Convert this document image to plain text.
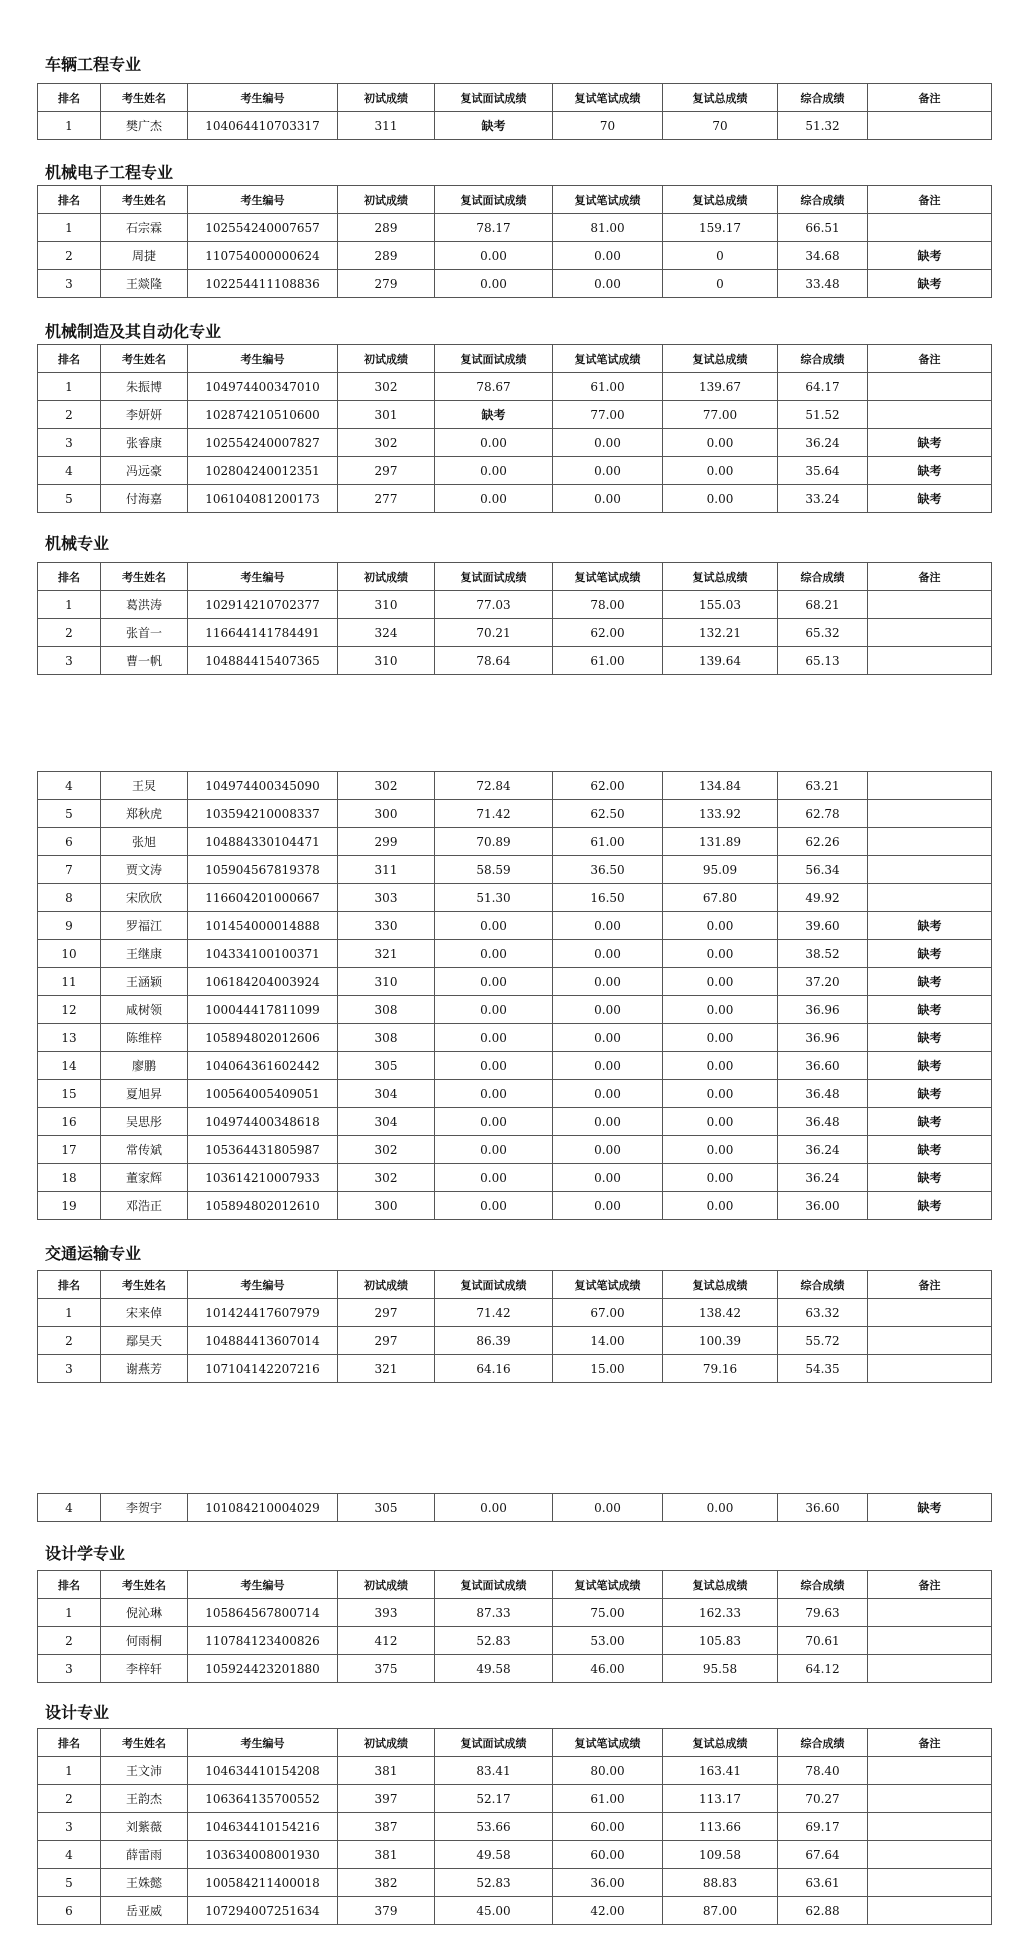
车辆工程专业
排名	考生姓名	考生编号	初试成绩	复试面试成绩	复试笔试成绩	复试总成绩	综合成绩	备注
1	樊广杰	104064410703317	311	缺考	70	70	51.32	
机械电子工程专业
排名	考生姓名	考生编号	初试成绩	复试面试成绩	复试笔试成绩	复试总成绩	综合成绩	备注
1	石宗霖	102554240007657	289	78.17	81.00	159.17	66.51	
2	周捷	110754000000624	289	0.00	0.00	0	34.68	缺考
3	王燚隆	102254411108836	279	0.00	0.00	0	33.48	缺考
机械制造及其自动化专业
排名	考生姓名	考生编号	初试成绩	复试面试成绩	复试笔试成绩	复试总成绩	综合成绩	备注
1	朱振博	104974400347010	302	78.67	61.00	139.67	64.17	
2	李妍妍	102874210510600	301	缺考	77.00	77.00	51.52	
3	张睿康	102554240007827	302	0.00	0.00	0.00	36.24	缺考
4	冯远豪	102804240012351	297	0.00	0.00	0.00	35.64	缺考
5	付海嘉	106104081200173	277	0.00	0.00	0.00	33.24	缺考
机械专业
排名	考生姓名	考生编号	初试成绩	复试面试成绩	复试笔试成绩	复试总成绩	综合成绩	备注
1	葛洪涛	102914210702377	310	77.03	78.00	155.03	68.21	
2	张首一	116644141784491	324	70.21	62.00	132.21	65.32	
3	曹一帆	104884415407365	310	78.64	61.00	139.64	65.13	
4	王炅	104974400345090	302	72.84	62.00	134.84	63.21	
5	郑秋虎	103594210008337	300	71.42	62.50	133.92	62.78	
6	张旭	104884330104471	299	70.89	61.00	131.89	62.26	
7	贾文涛	105904567819378	311	58.59	36.50	95.09	56.34	
8	宋欣欣	116604201000667	303	51.30	16.50	67.80	49.92	
9	罗福江	101454000014888	330	0.00	0.00	0.00	39.60	缺考
10	王继康	104334100100371	321	0.00	0.00	0.00	38.52	缺考
11	王涵颖	106184204003924	310	0.00	0.00	0.00	37.20	缺考
12	咸树领	100044417811099	308	0.00	0.00	0.00	36.96	缺考
13	陈维梓	105894802012606	308	0.00	0.00	0.00	36.96	缺考
14	廖鹏	104064361602442	305	0.00	0.00	0.00	36.60	缺考
15	夏旭昇	100564005409051	304	0.00	0.00	0.00	36.48	缺考
16	吴思彤	104974400348618	304	0.00	0.00	0.00	36.48	缺考
17	常传斌	105364431805987	302	0.00	0.00	0.00	36.24	缺考
18	董家辉	103614210007933	302	0.00	0.00	0.00	36.24	缺考
19	邓浩正	105894802012610	300	0.00	0.00	0.00	36.00	缺考
交通运输专业
排名	考生姓名	考生编号	初试成绩	复试面试成绩	复试笔试成绩	复试总成绩	综合成绩	备注
1	宋来倬	101424417607979	297	71.42	67.00	138.42	63.32	
2	鄢昊天	104884413607014	297	86.39	14.00	100.39	55.72	
3	谢燕芳	107104142207216	321	64.16	15.00	79.16	54.35	
4	李贺宇	101084210004029	305	0.00	0.00	0.00	36.60	缺考
设计学专业
排名	考生姓名	考生编号	初试成绩	复试面试成绩	复试笔试成绩	复试总成绩	综合成绩	备注
1	倪沁琳	105864567800714	393	87.33	75.00	162.33	79.63	
2	何雨桐	110784123400826	412	52.83	53.00	105.83	70.61	
3	李梓轩	105924423201880	375	49.58	46.00	95.58	64.12	
设计专业
排名	考生姓名	考生编号	初试成绩	复试面试成绩	复试笔试成绩	复试总成绩	综合成绩	备注
1	王文沛	104634410154208	381	83.41	80.00	163.41	78.40	
2	王韵杰	106364135700552	397	52.17	61.00	113.17	70.27	
3	刘紫薇	104634410154216	387	53.66	60.00	113.66	69.17	
4	薛雷雨	103634008001930	381	49.58	60.00	109.58	67.64	
5	王姝懿	100584211400018	382	52.83	36.00	88.83	63.61	
6	岳亚威	107294007251634	379	45.00	42.00	87.00	62.88	
